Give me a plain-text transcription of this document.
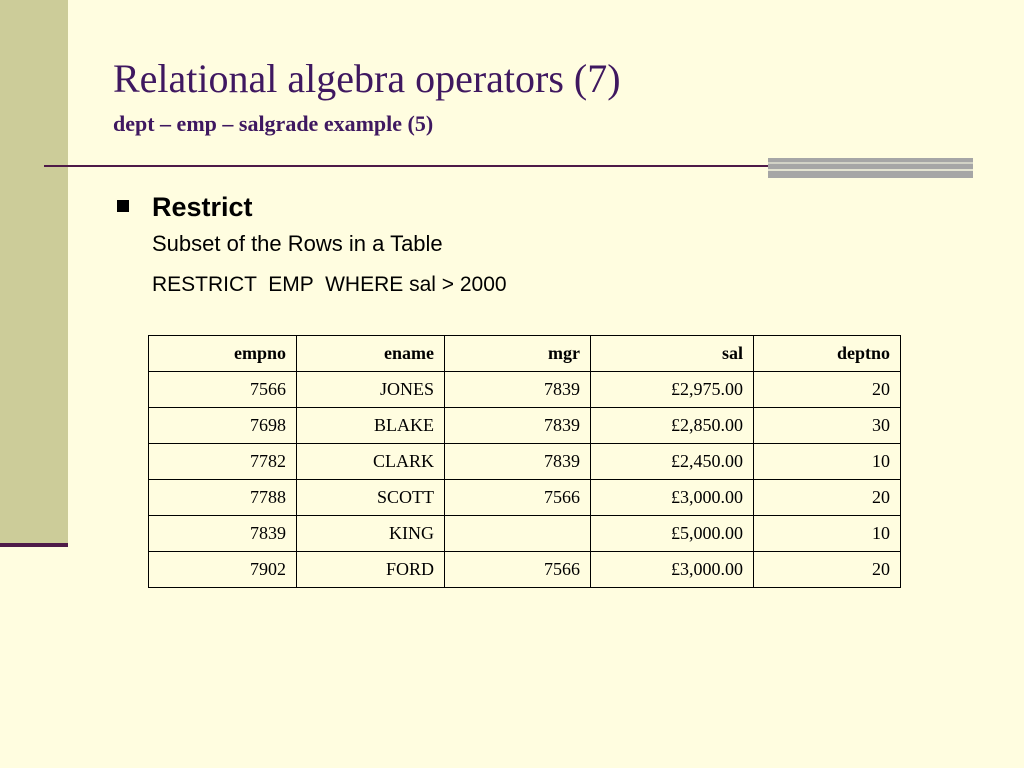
Relational algebra operators (7)
dept – emp – salgrade example (5)
Restrict
Subset of the Rows in a Table
RESTRICT  EMP  WHERE sal > 2000
empno	ename	mgr	sal	deptno
7566	JONES	7839	£2,975.00	20
7698	BLAKE	7839	£2,850.00	30
7782	CLARK	7839	£2,450.00	10
7788	SCOTT	7566	£3,000.00	20
7839	KING		£5,000.00	10
7902	FORD	7566	£3,000.00	20
